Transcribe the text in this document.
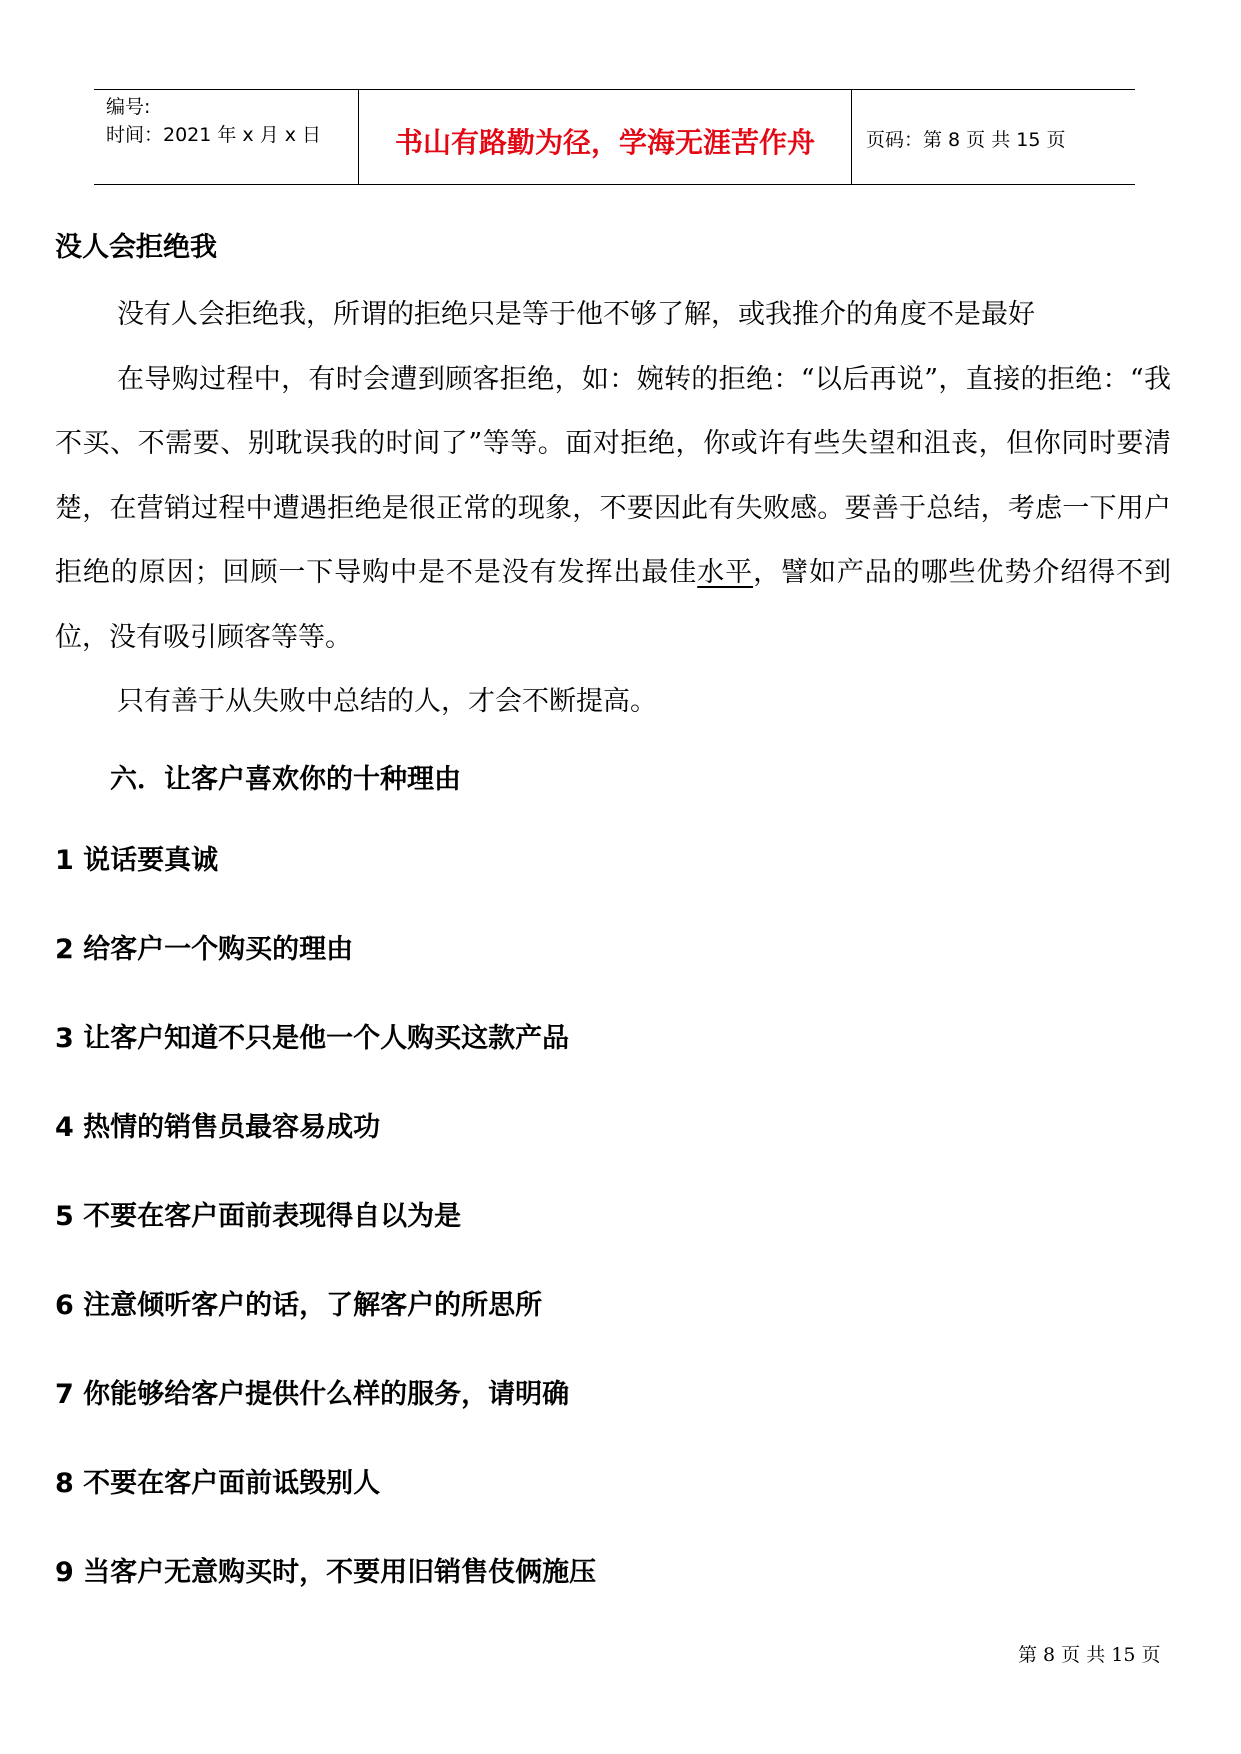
编号:
时间：2021 年 x 月 x 日	书山有路勤为径，学海无涯苦作舟	页码：第 8 页 共 15 页
没人会拒绝我

没有人会拒绝我，所谓的拒绝只是等于他不够了解，或我推介的角度不是最好

在导购过程中，有时会遭到顾客拒绝，如：婉转的拒绝：“以后再说”，直接的拒绝：“我不买、不需要、别耽误我的时间了”等等。面对拒绝，你或许有些失望和沮丧，但你同时要清楚，在营销过程中遭遇拒绝是很正常的现象，不要因此有失败感。要善于总结，考虑一下用户拒绝的原因；回顾一下导购中是不是没有发挥出最佳水平，譬如产品的哪些优势介绍得不到位，没有吸引顾客等等。

只有善于从失败中总结的人，才会不断提高。

六．让客户喜欢你的十种理由
1 说话要真诚
2 给客户一个购买的理由
3 让客户知道不只是他一个人购买这款产品
4 热情的销售员最容易成功
5 不要在客户面前表现得自以为是
6 注意倾听客户的话，了解客户的所思所
7 你能够给客户提供什么样的服务，请明确
8 不要在客户面前诋毁别人
9 当客户无意购买时，不要用旧销售伎俩施压
第 8 页 共 15 页
